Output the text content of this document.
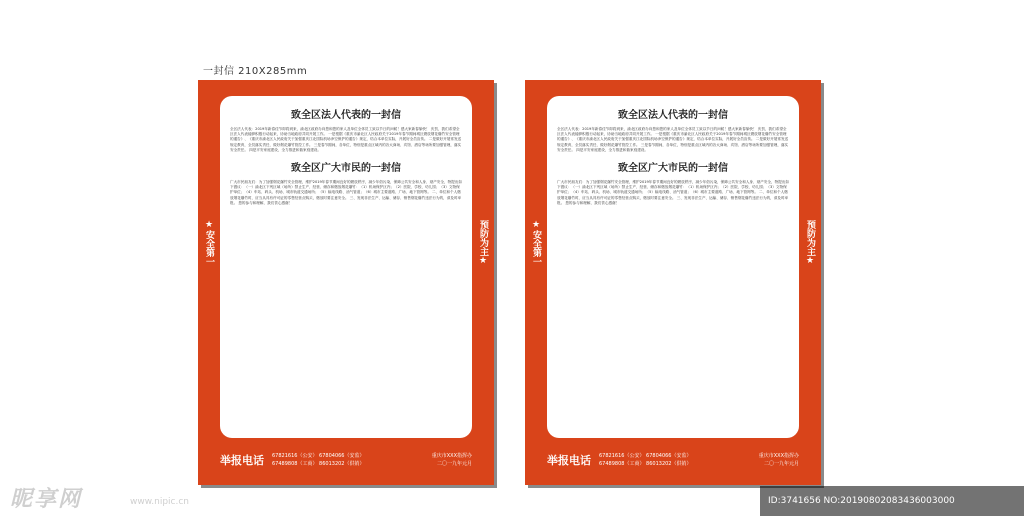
一封信 210X285mm
★安全第一	预防为主★
致全区法人代表的一封信
全区法人代表：2019年新春佳节即将到来，渝北区政府办向您和您的家人及单位全体员工致以节日的问候！感大家新春愉快！ 庆贺，我们希望全区法人代表能够积极行动起来，协助当地政府共同开展工作。 一是根据《重庆市渝北区人民政府关于2019年春节期间城区燃放烟花爆竹安全管理的通告》、《重庆市渝北区人民政府关于加强重庆江北国际机场净空保护的通告》规定，结合本单位实际，开展好全员宣传。 二是做好开展常发送规定教育，全员落实责任，做好烟花爆竹管控工作。 三是春节期间，各单位，特别是重点区域内的各大商场、宾馆、酒店等场所要加强管理，落实安全责任。 四是平安家庭建设，全力推进和谐家庭建设。
致全区广大市民的一封信
广大市民朋友们：为了加强烟花爆竹安全管理，维护2019年春节期间良好的燃放秩序，减少年俗污染，保障公共安全和人身、财产安全，特提出如下倡议：（一）渝北区下列区域（场所）禁止生产、经营、储存和燃放烟花爆竹：（1）机场保护区内；（2）医院、学校、幼儿园；（3）文物保护单位；（4）车站、码头、机场、城市轨道交通场所；（5）输电线路、油气管道；（6）城市主要道路、广场、地下管网等。 二、单位和个人燃放烟花爆竹时，应当从具有许可证的零售经营点购买，燃放时要注意安全。 三、发现非法生产、运输、储存、销售烟花爆竹违法行为的，请及时举报。 您的参与和理解，我们衷心感谢！
举报电话 67821616（公安） 67804066（安监）
67489808（工商） 86013202（供销）
重庆市XXX指挥办
二〇一九年元月
★安全第一	预防为主★
致全区法人代表的一封信
全区法人代表：2019年新春佳节即将到来，渝北区政府办向您和您的家人及单位全体员工致以节日的问候！感大家新春愉快！ 庆贺，我们希望全区法人代表能够积极行动起来，协助当地政府共同开展工作。 一是根据《重庆市渝北区人民政府关于2019年春节期间城区燃放烟花爆竹安全管理的通告》、《重庆市渝北区人民政府关于加强重庆江北国际机场净空保护的通告》规定，结合本单位实际，开展好全员宣传。 二是做好开展常发送规定教育，全员落实责任，做好烟花爆竹管控工作。 三是春节期间，各单位，特别是重点区域内的各大商场、宾馆、酒店等场所要加强管理，落实安全责任。 四是平安家庭建设，全力推进和谐家庭建设。
致全区广大市民的一封信
广大市民朋友们：为了加强烟花爆竹安全管理，维护2019年春节期间良好的燃放秩序，减少年俗污染，保障公共安全和人身、财产安全，特提出如下倡议：（一）渝北区下列区域（场所）禁止生产、经营、储存和燃放烟花爆竹：（1）机场保护区内；（2）医院、学校、幼儿园；（3）文物保护单位；（4）车站、码头、机场、城市轨道交通场所；（5）输电线路、油气管道；（6）城市主要道路、广场、地下管网等。 二、单位和个人燃放烟花爆竹时，应当从具有许可证的零售经营点购买，燃放时要注意安全。 三、发现非法生产、运输、储存、销售烟花爆竹违法行为的，请及时举报。 您的参与和理解，我们衷心感谢！
举报电话 67821616（公安） 67804066（安监）
67489808（工商） 86013202（供销）
重庆市XXX指挥办
二〇一九年元月
昵享网	www.nipic.cn	ID:3741656 NO:20190802083436003000
